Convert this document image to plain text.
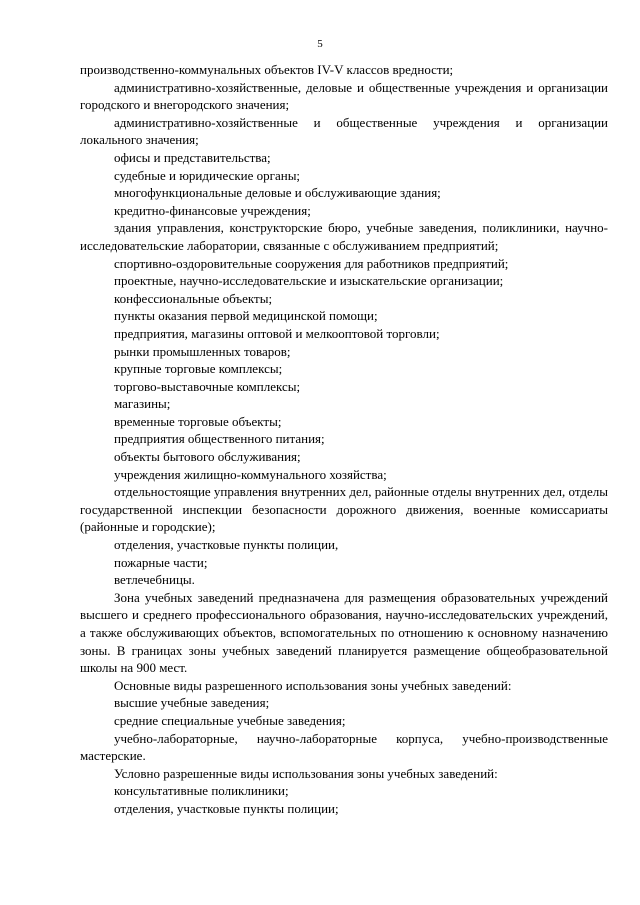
5

производственно-коммунальных объектов IV-V классов вредности;

административно-хозяйственные, деловые и общественные учреждения и организации городского и внегородского значения;

административно-хозяйственные и общественные учреждения и организации локального значения;

офисы и представительства;

судебные и юридические органы;

многофункциональные деловые и обслуживающие здания;

кредитно-финансовые учреждения;

здания управления, конструкторские бюро, учебные заведения, поликлиники, научно-исследовательские лаборатории, связанные с обслуживанием предприятий;

спортивно-оздоровительные сооружения для работников предприятий;

проектные, научно-исследовательские и изыскательские организации;

конфессиональные объекты;

пункты оказания первой медицинской помощи;

предприятия, магазины оптовой и мелкооптовой торговли;

рынки промышленных товаров;

крупные торговые комплексы;

торгово-выставочные комплексы;

магазины;

временные торговые объекты;

предприятия общественного питания;

объекты бытового обслуживания;

учреждения жилищно-коммунального хозяйства;

отдельностоящие управления внутренних дел, районные отделы внутренних дел, отделы государственной инспекции безопасности дорожного движения, военные комиссариаты (районные и городские);

отделения, участковые пункты полиции,

пожарные части;

ветлечебницы.

Зона учебных заведений предназначена для размещения образовательных учреждений высшего и среднего профессионального образования, научно-исследовательских учреждений, а также обслуживающих объектов, вспомогательных по отношению к основному назначению зоны. В границах зоны учебных заведений планируется размещение общеобразовательной школы на 900 мест.

Основные виды разрешенного использования зоны учебных заведений:

высшие учебные заведения;

средние специальные учебные заведения;

учебно-лабораторные, научно-лабораторные корпуса, учебно-производственные мастерские.

Условно разрешенные виды использования зоны учебных заведений:

консультативные поликлиники;

отделения, участковые пункты полиции;
